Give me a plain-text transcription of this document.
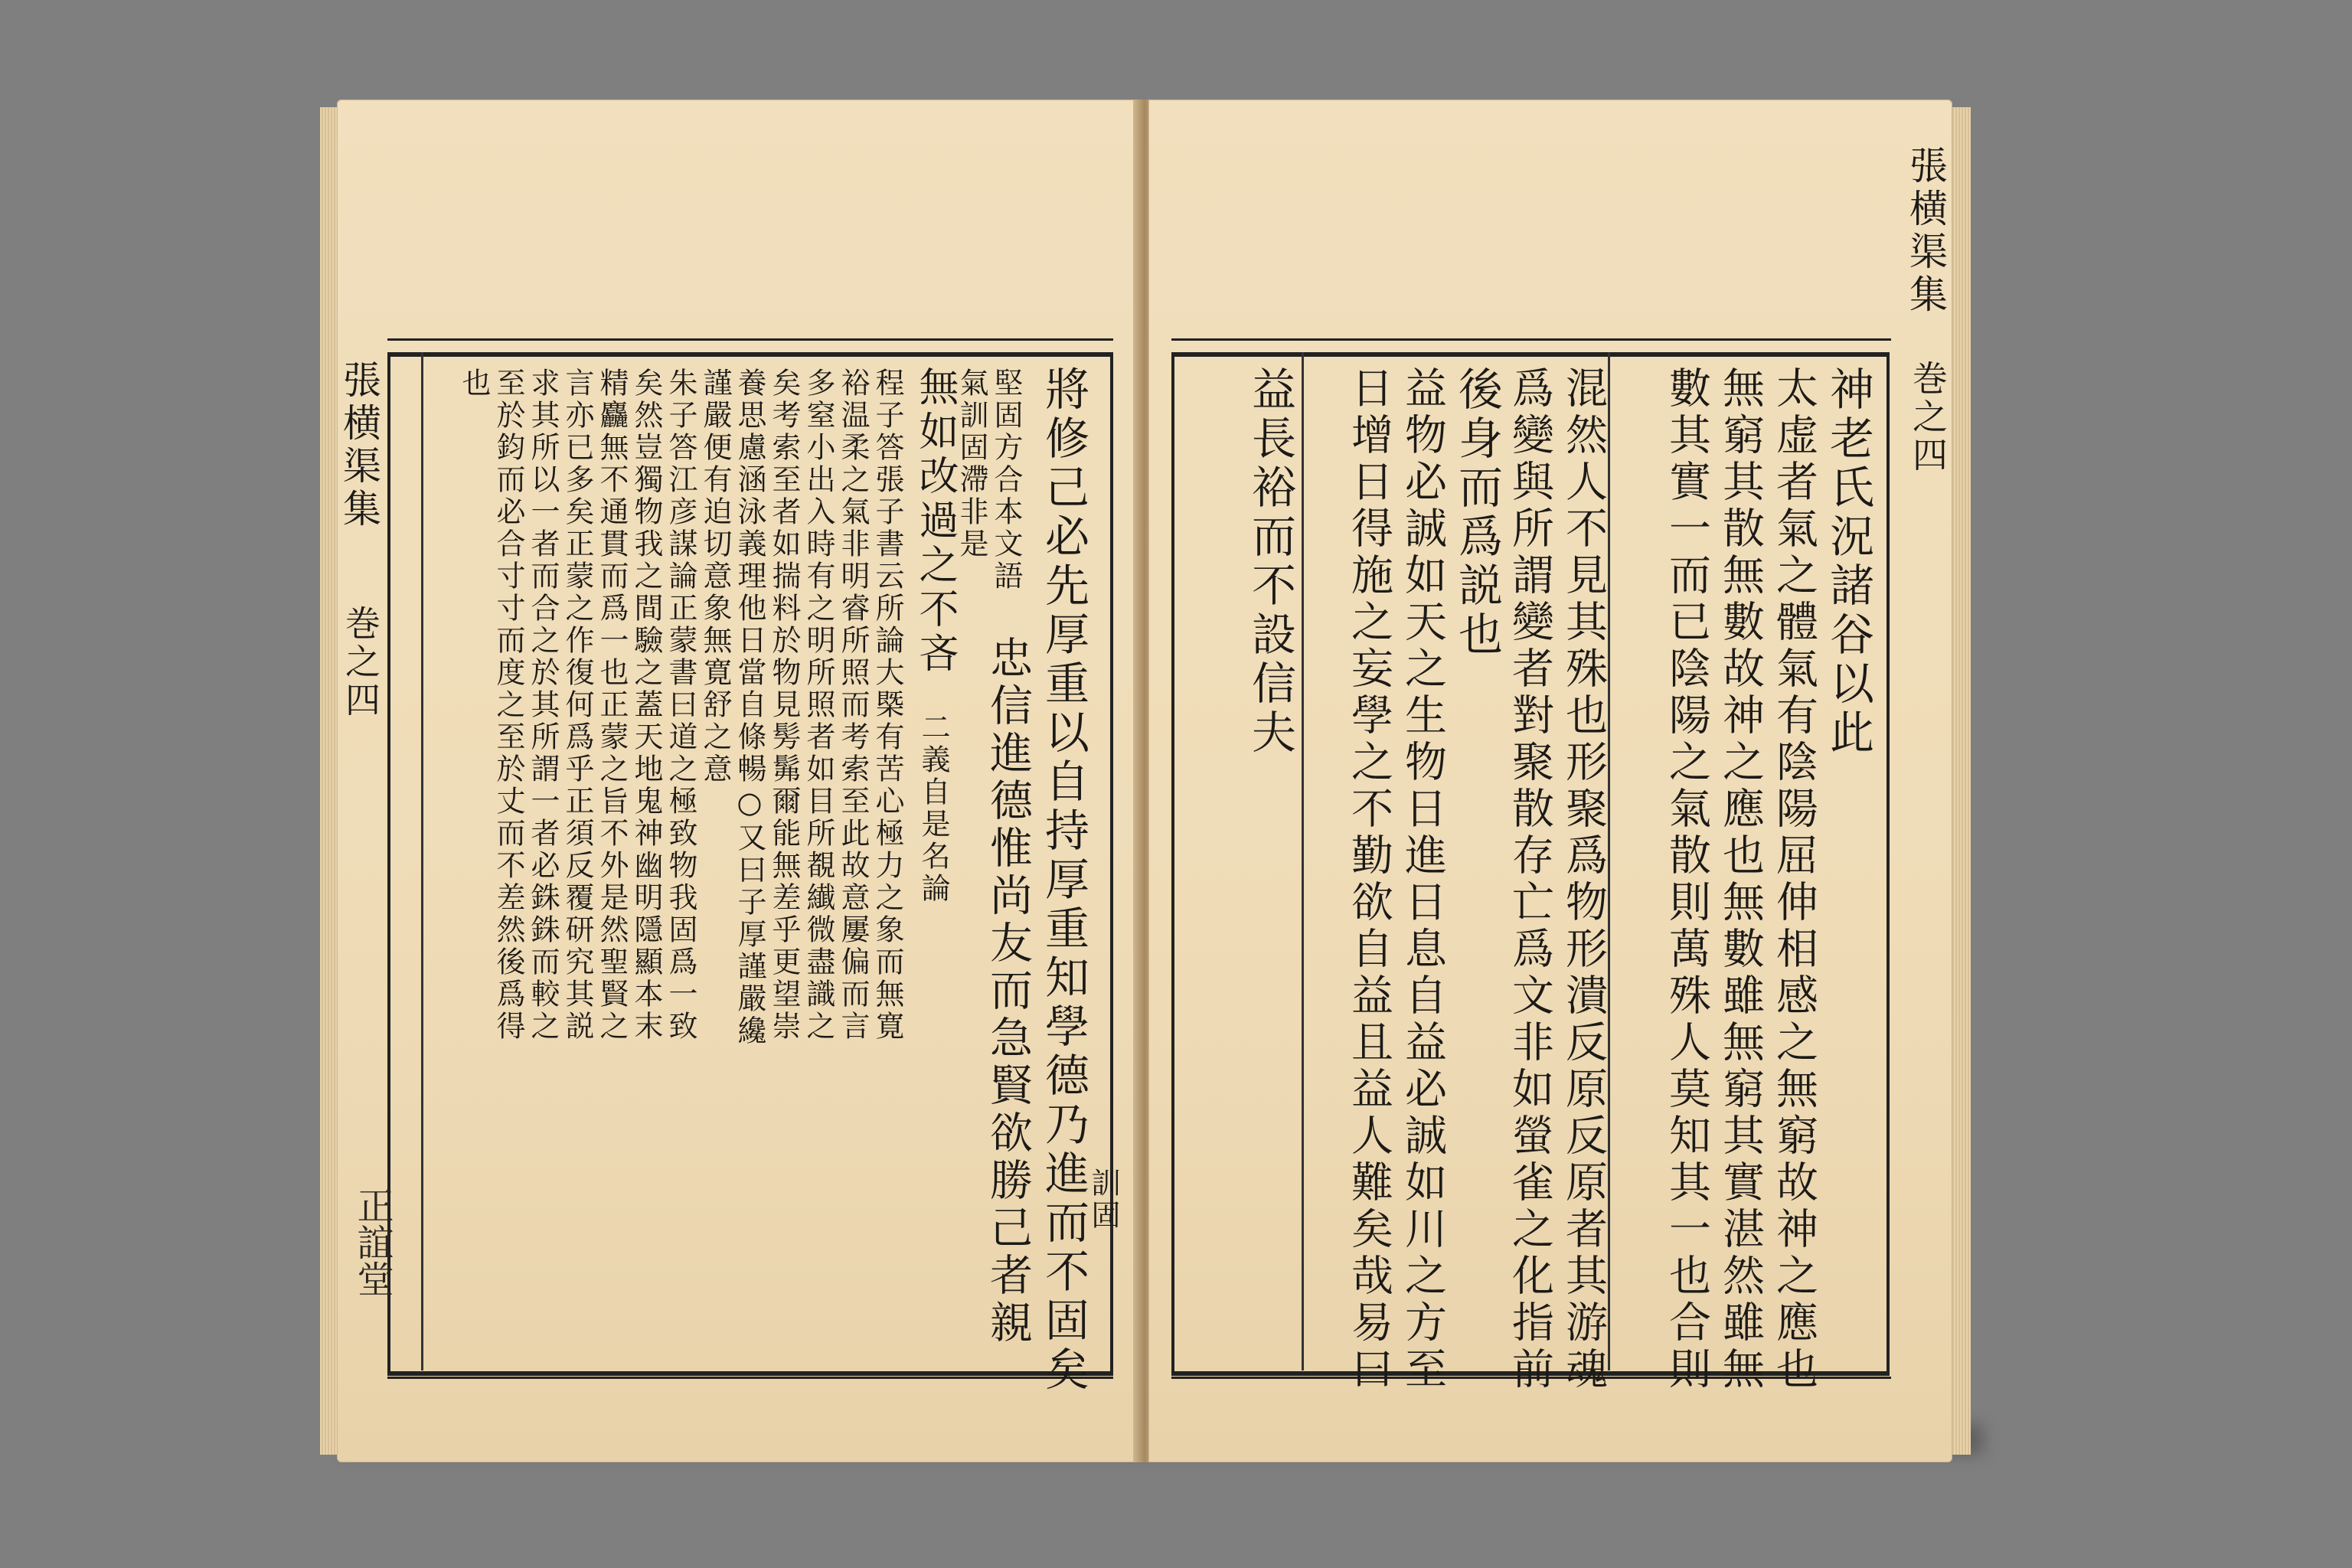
張横渠集
巻之四
正誼堂	將修己必先厚重以自持厚重知學德乃進而不固矣
訓固
堅固方合本文語
氣訓固滯非是
忠信進德惟尚友而急賢欲勝己者親
無如改過之不吝
二義自是名論
程子答張子書云所論大槩有苦心極力之象而無寛
裕温柔之氣非明睿所照而考索至此故意屢偏而言
多窒小出入時有之明所照者如目所覩纎微盡識之
矣考索至者如揣料於物見髣髴爾能無差乎更望崇
養思慮涵泳義理他日當自條暢○又曰子厚謹嚴纔
謹嚴便有迫切意象無寛舒之意
朱子答江彦謀論正蒙書曰道之極致物我固爲一致
矣然豈獨物我之間驗之蓋天地鬼神幽明隱顯本末
精麤無不通貫而爲一也正蒙之旨不外是然聖賢之
言亦已多矣正蒙之作復何爲乎正須反覆研究其説
求其所以一者而合之於其所謂一者必銖銖而較之
至於鈞而必合寸寸而度之至於丈而不差然後爲得
也
張横渠集
巻之四
神老氏況諸谷以此
太虚者氣之體氣有陰陽屈伸相感之無窮故神之應也
無窮其散無數故神之應也無數雖無窮其實湛然雖無
數其實一而已陰陽之氣散則萬殊人莫知其一也合則
混然人不見其殊也形聚爲物形潰反原反原者其游魂
爲變與所謂變者對聚散存亡爲文非如螢雀之化指前
後身而爲説也
益物必誠如天之生物日進日息自益必誠如川之方至
日增日得施之妄學之不勤欲自益且益人難矣哉易曰
益長裕而不設信夫
